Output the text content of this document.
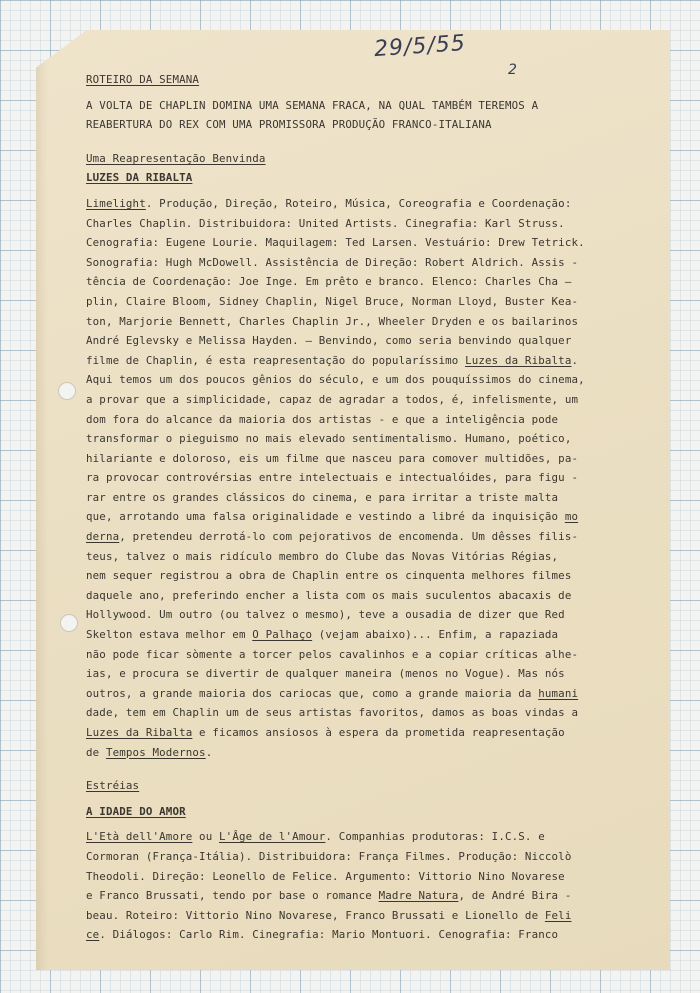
29/5/55
2
ROTEIRO DA SEMANA
A VOLTA DE CHAPLIN DOMINA UMA SEMANA FRACA, NA QUAL TAMBÉM TEREMOS A
REABERTURA DO REX COM UMA PROMISSORA PRODUÇÃO FRANCO-ITALIANA
Uma Reapresentação Benvinda
LUZES DA RIBALTA
Limelight. Produção, Direção, Roteiro, Música, Coreografia e Coordenação:
Charles Chaplin. Distribuidora: United Artists. Cinegrafia: Karl Struss.
Cenografia: Eugene Lourie. Maquilagem: Ted Larsen. Vestuário: Drew Tetrick.
Sonografia: Hugh McDowell. Assistência de Direção: Robert Aldrich. Assis -
tência de Coordenação: Joe Inge. Em prêto e branco. Elenco: Charles Cha —
plin, Claire Bloom, Sidney Chaplin, Nigel Bruce, Norman Lloyd, Buster Kea-
ton, Marjorie Bennett, Charles Chaplin Jr., Wheeler Dryden e os bailarinos
André Eglevsky e Melissa Hayden. — Benvindo, como seria benvindo qualquer
filme de Chaplin, é esta reapresentação do popularíssimo Luzes da Ribalta.
Aqui temos um dos poucos gênios do século, e um dos pouquíssimos do cinema,
a provar que a simplicidade, capaz de agradar a todos, é, infelismente, um
dom fora do alcance da maioria dos artistas - e que a inteligência pode
transformar o pieguismo no mais elevado sentimentalismo. Humano, poético,
hilariante e doloroso, eis um filme que nasceu para comover multidões, pa-
ra provocar controvérsias entre intelectuais e intectualóides, para figu -
rar entre os grandes clássicos do cinema, e para irritar a triste malta
que, arrotando uma falsa originalidade e vestindo a libré da inquisição mo
derna, pretendeu derrotá-lo com pejorativos de encomenda. Um dêsses filis-
teus, talvez o mais ridículo membro do Clube das Novas Vitórias Régias,
nem sequer registrou a obra de Chaplin entre os cinquenta melhores filmes
daquele ano, preferindo encher a lista com os mais suculentos abacaxis de
Hollywood. Um outro (ou talvez o mesmo), teve a ousadia de dizer que Red
Skelton estava melhor em O Palhaço (vejam abaixo)... Enfim, a rapaziada
não pode ficar sòmente a torcer pelos cavalinhos e a copiar críticas alhe-
ias, e procura se divertir de qualquer maneira (menos no Vogue). Mas nós
outros, a grande maioria dos cariocas que, como a grande maioria da humani
dade, tem em Chaplin um de seus artistas favoritos, damos as boas vindas a
Luzes da Ribalta e ficamos ansiosos à espera da prometida reapresentação
de Tempos Modernos.
Estréias
A IDADE DO AMOR
L'Età dell'Amore ou L'Âge de l'Amour. Companhias produtoras: I.C.S. e
Cormoran (França-Itália). Distribuidora: França Filmes. Produção: Niccolò
Theodoli. Direção: Leonello de Felice. Argumento: Vittorio Nino Novarese
e Franco Brussati, tendo por base o romance Madre Natura, de André Bira -
beau. Roteiro: Vittorio Nino Novarese, Franco Brussati e Lionello de Feli
ce. Diálogos: Carlo Rim. Cinegrafia: Mario Montuori. Cenografia: Franco
